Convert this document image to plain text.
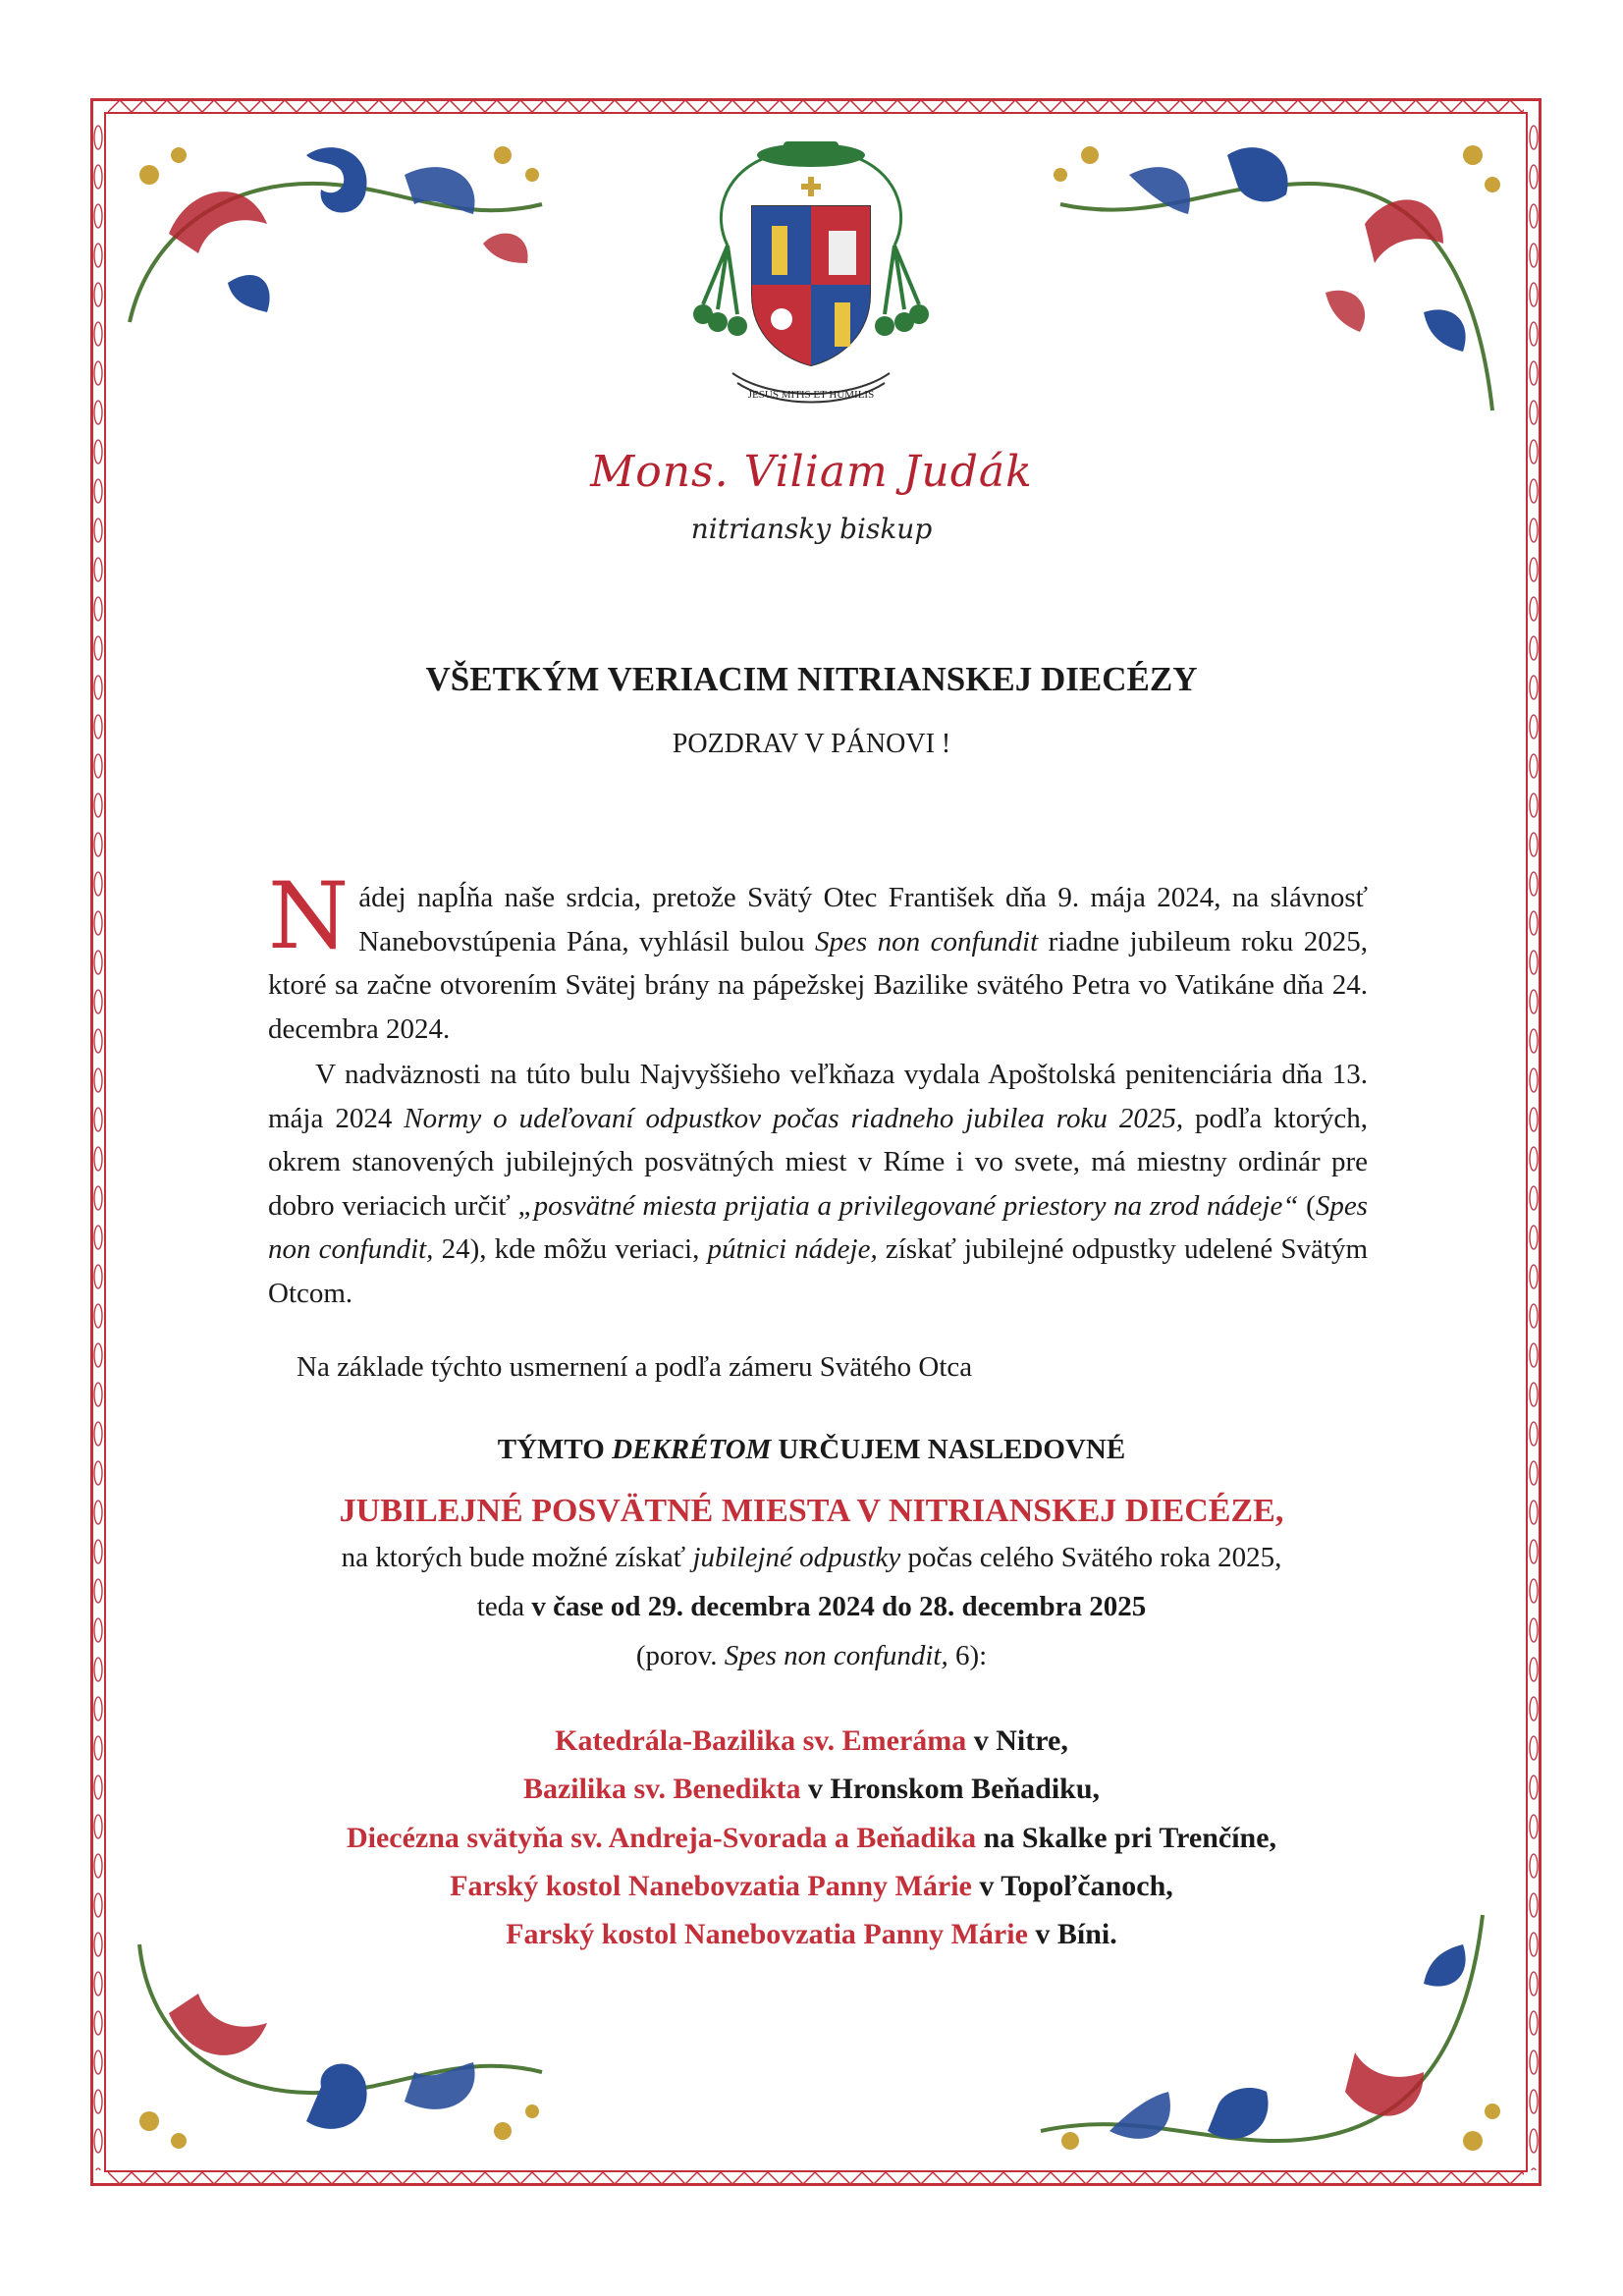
JESUS MITIS ET HUMILIS
Mons. Viliam Judák
nitriansky biskup
VŠETKÝM VERIACIM NITRIANSKEJ DIECÉZY
POZDRAV V PÁNOVI !
Nádej napĺňa naše srdcia, pretože Svätý Otec František dňa 9. mája 2024, na slávnosť Nanebovstúpenia Pána, vyhlásil bulou Spes non confundit riadne jubileum roku 2025, ktoré sa začne otvorením Svätej brány na pápežskej Bazilike svätého Petra vo Vatikáne dňa 24. decembra 2024.
V nadväznosti na túto bulu Najvyššieho veľkňaza vydala Apoštolská penitenciária dňa 13. mája 2024 Normy o udeľovaní odpustkov počas riadneho jubilea roku 2025, podľa ktorých, okrem stanovených jubilejných posvätných miest v Ríme i vo svete, má miestny ordinár pre dobro veriacich určiť „posvätné miesta prijatia a privilegované priestory na zrod nádeje“ (Spes non confundit, 24), kde môžu veriaci, pútnici nádeje, získať jubilejné odpustky udelené Svätým Otcom.
Na základe týchto usmernení a podľa zámeru Svätého Otca
TÝMTO DEKRÉTOM URČUJEM NASLEDOVNÉ
JUBILEJNÉ POSVÄTNÉ MIESTA V NITRIANSKEJ DIECÉZE,
na ktorých bude možné získať jubilejné odpustky počas celého Svätého roka 2025,
teda v čase od 29. decembra 2024 do 28. decembra 2025
(porov. Spes non confundit, 6):
Katedrála-Bazilika sv. Emeráma v Nitre,
Bazilika sv. Benedikta v Hronskom Beňadiku,
Diecézna svätyňa sv. Andreja-Svorada a Beňadika na Skalke pri Trenčíne,
Farský kostol Nanebovzatia Panny Márie v Topoľčanoch,
Farský kostol Nanebovzatia Panny Márie v Bíni.
